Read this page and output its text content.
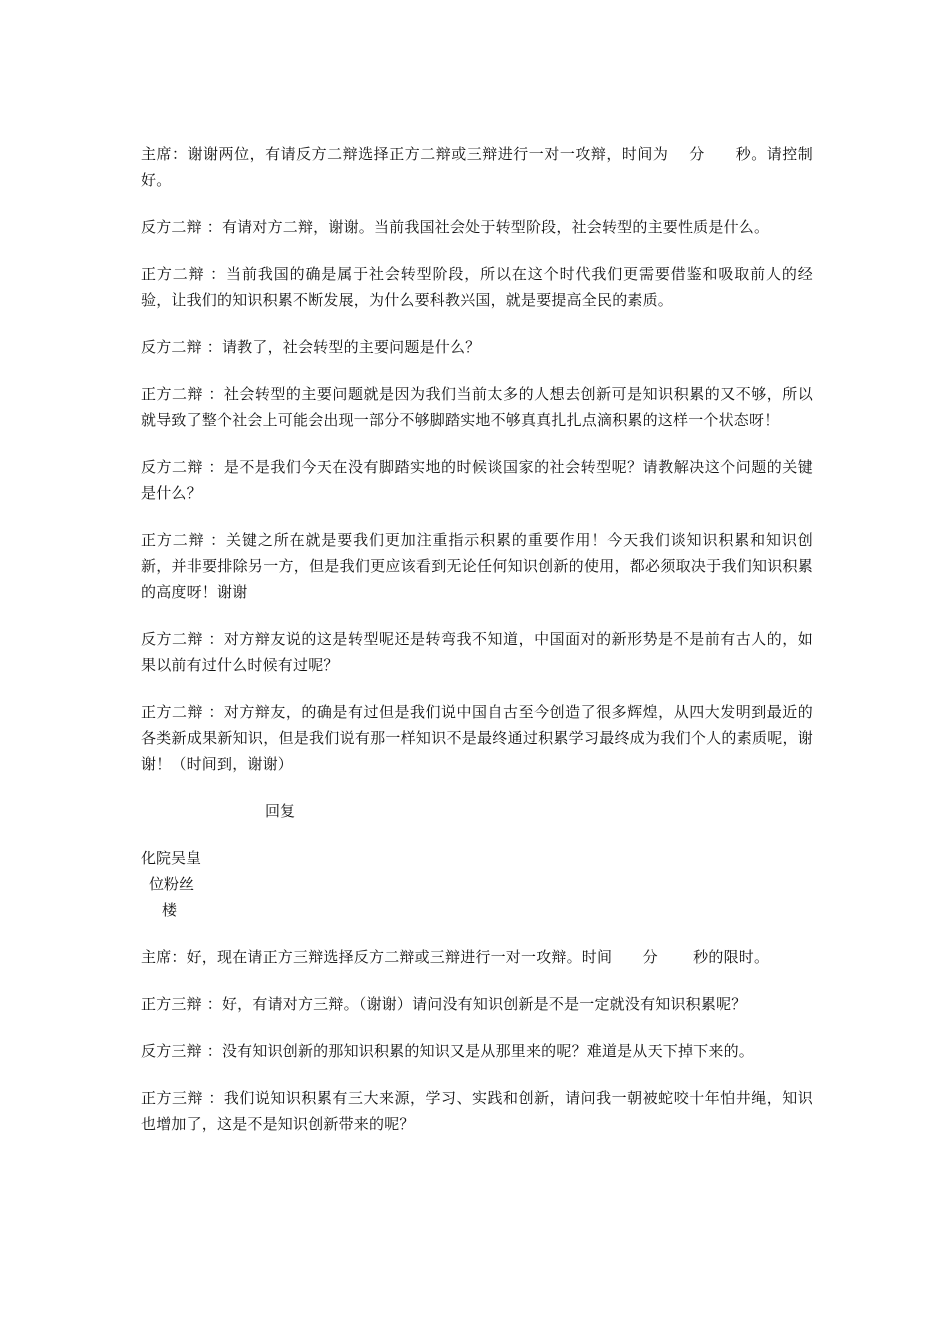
主席：谢谢两位，有请反方二辩选择正方二辩或三辩进行一对一攻辩，时间为　 分　　秒。请控制好。

反方二辩 ：有请对方二辩，谢谢。当前我国社会处于转型阶段，社会转型的主要性质是什么。

正方二辩 ：当前我国的确是属于社会转型阶段，所以在这个时代我们更需要借鉴和吸取前人的经验，让我们的知识积累不断发展，为什么要科教兴国，就是要提高全民的素质。

反方二辩 ：请教了，社会转型的主要问题是什么？

正方二辩 ：社会转型的主要问题就是因为我们当前太多的人想去创新可是知识积累的又不够，所以就导致了整个社会上可能会出现一部分不够脚踏实地不够真真扎扎点滴积累的这样一个状态呀！

反方二辩 ：是不是我们今天在没有脚踏实地的时候谈国家的社会转型呢？请教解决这个问题的关键是什么？

正方二辩 ：关键之所在就是要我们更加注重指示积累的重要作用！今天我们谈知识积累和知识创新，并非要排除另一方，但是我们更应该看到无论任何知识创新的使用，都必须取决于我们知识积累的高度呀！谢谢

反方二辩 ：对方辩友说的这是转型呢还是转弯我不知道，中国面对的新形势是不是前有古人的，如果以前有过什么时候有过呢？

正方二辩 ：对方辩友，的确是有过但是我们说中国自古至今创造了很多辉煌，从四大发明到最近的各类新成果新知识，但是我们说有那一样知识不是最终通过积累学习最终成为我们个人的素质呢，谢谢！（时间到，谢谢）

回复
化院吴皇
位粉丝
楼

主席：好，现在请正方三辩选择反方二辩或三辩进行一对一攻辩。时间　　分　　 秒的限时。

正方三辩 ：好，有请对方三辩。（谢谢）请问没有知识创新是不是一定就没有知识积累呢？

反方三辩 ：没有知识创新的那知识积累的知识又是从那里来的呢？难道是从天下掉下来的。

正方三辩 ：我们说知识积累有三大来源，学习、实践和创新，请问我一朝被蛇咬十年怕井绳，知识也增加了，这是不是知识创新带来的呢？
